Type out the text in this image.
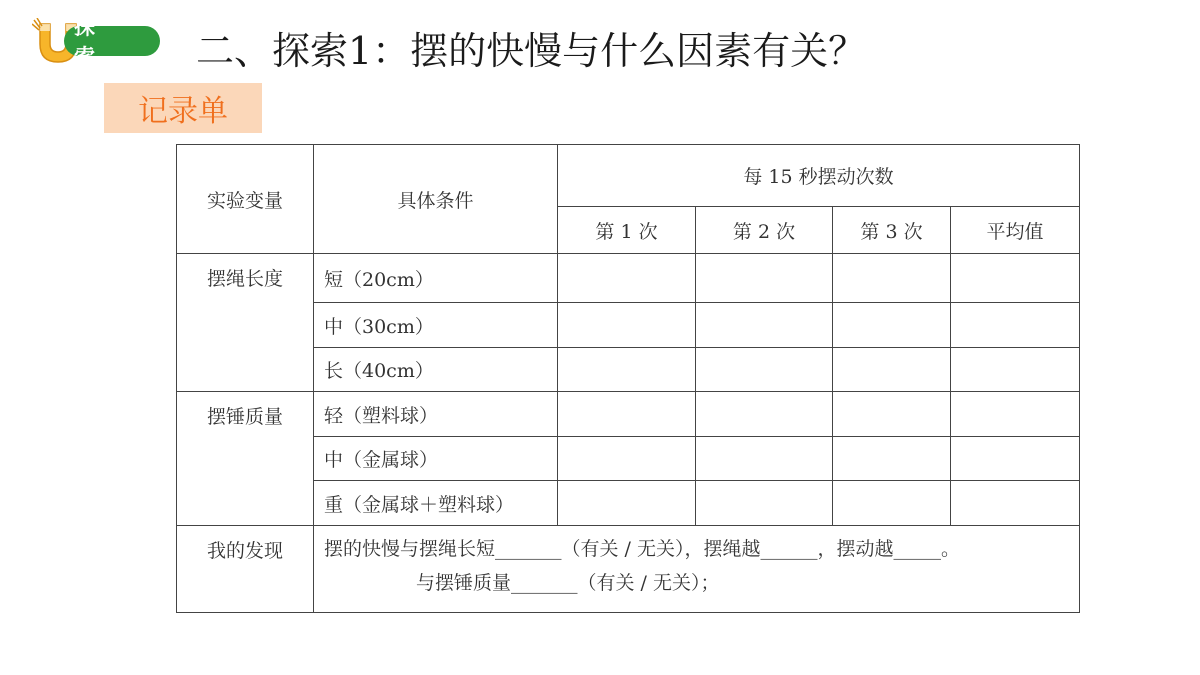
探 索	二、探索1：摆的快慢与什么因素有关？
记录单
实验变量	具体条件	每 15 秒摆动次数			
		第 1 次	第 2 次	第 3 次	平均值
摆绳长度	短（20cm）				
	中（30cm）				
	长（40cm）				
摆锤质量	轻（塑料球）				
	中（金属球）				
	重（金属球＋塑料球）				
我的发现	摆的快慢与摆绳长短_______（有关 / 无关），摆绳越______，摆动越_____。
与摆锤质量_______（有关 / 无关）；				
